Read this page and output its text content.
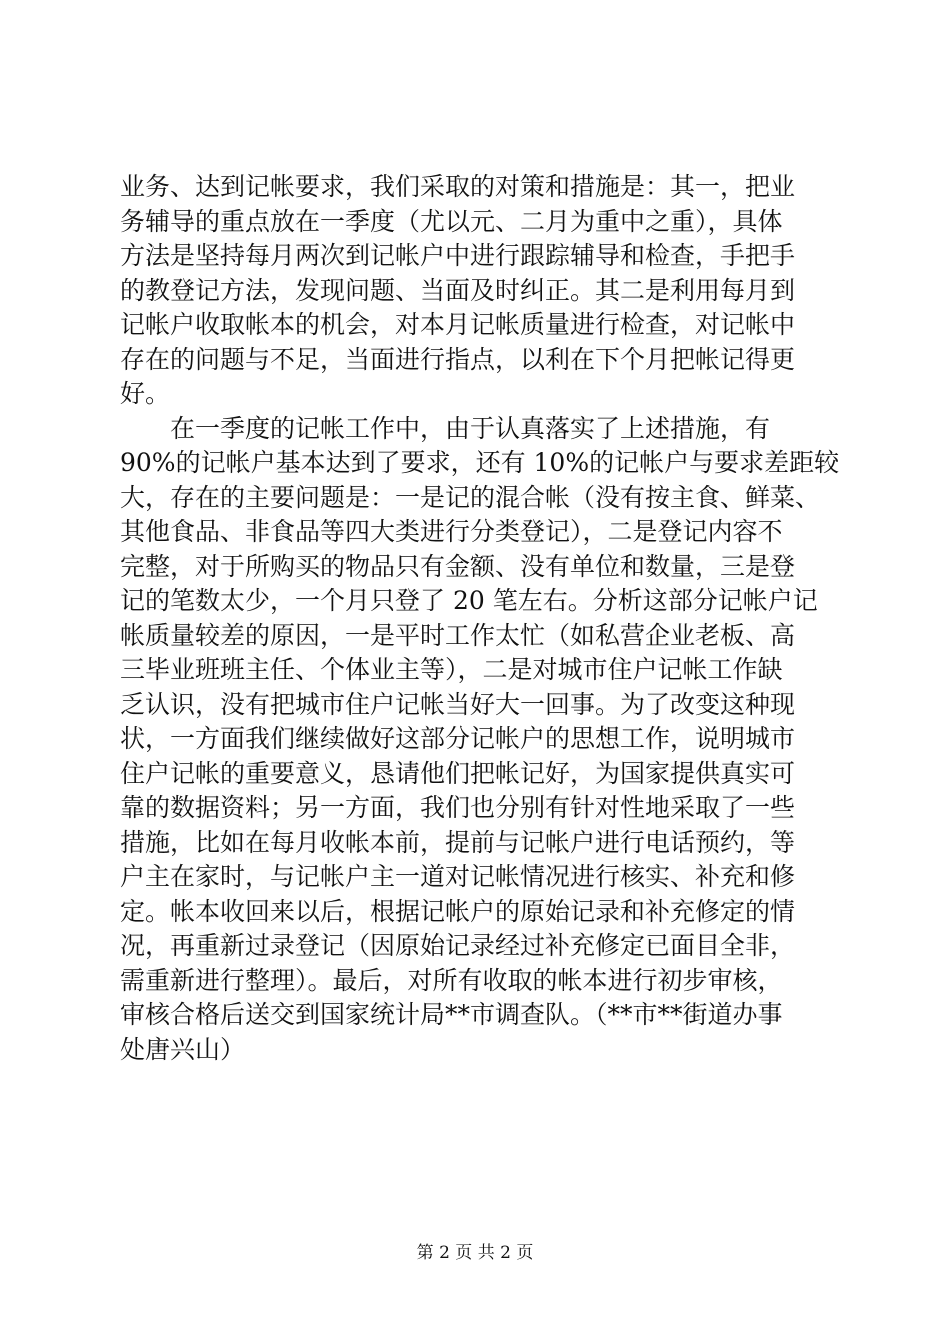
业务、达到记帐要求，我们采取的对策和措施是：其一，把业
务辅导的重点放在一季度（尤以元、二月为重中之重），具体
方法是坚持每月两次到记帐户中进行跟踪辅导和检查，手把手
的教登记方法，发现问题、当面及时纠正。其二是利用每月到
记帐户收取帐本的机会，对本月记帐质量进行检查，对记帐中
存在的问题与不足，当面进行指点，以利在下个月把帐记得更
好。
　　在一季度的记帐工作中，由于认真落实了上述措施，有
90%的记帐户基本达到了要求，还有 10%的记帐户与要求差距较
大，存在的主要问题是：一是记的混合帐（没有按主食、鲜菜、
其他食品、非食品等四大类进行分类登记），二是登记内容不
完整，对于所购买的物品只有金额、没有单位和数量，三是登
记的笔数太少，一个月只登了 20 笔左右。分析这部分记帐户记
帐质量较差的原因，一是平时工作太忙（如私营企业老板、高
三毕业班班主任、个体业主等），二是对城市住户记帐工作缺
乏认识，没有把城市住户记帐当好大一回事。为了改变这种现
状，一方面我们继续做好这部分记帐户的思想工作，说明城市
住户记帐的重要意义，恳请他们把帐记好，为国家提供真实可
靠的数据资料；另一方面，我们也分别有针对性地采取了一些
措施，比如在每月收帐本前，提前与记帐户进行电话预约，等
户主在家时，与记帐户主一道对记帐情况进行核实、补充和修
定。帐本收回来以后，根据记帐户的原始记录和补充修定的情
况，再重新过录登记（因原始记录经过补充修定已面目全非，
需重新进行整理）。最后，对所有收取的帐本进行初步审核，
审核合格后送交到国家统计局**市调查队。（**市**街道办事
处唐兴山）
第 2 页 共 2 页
